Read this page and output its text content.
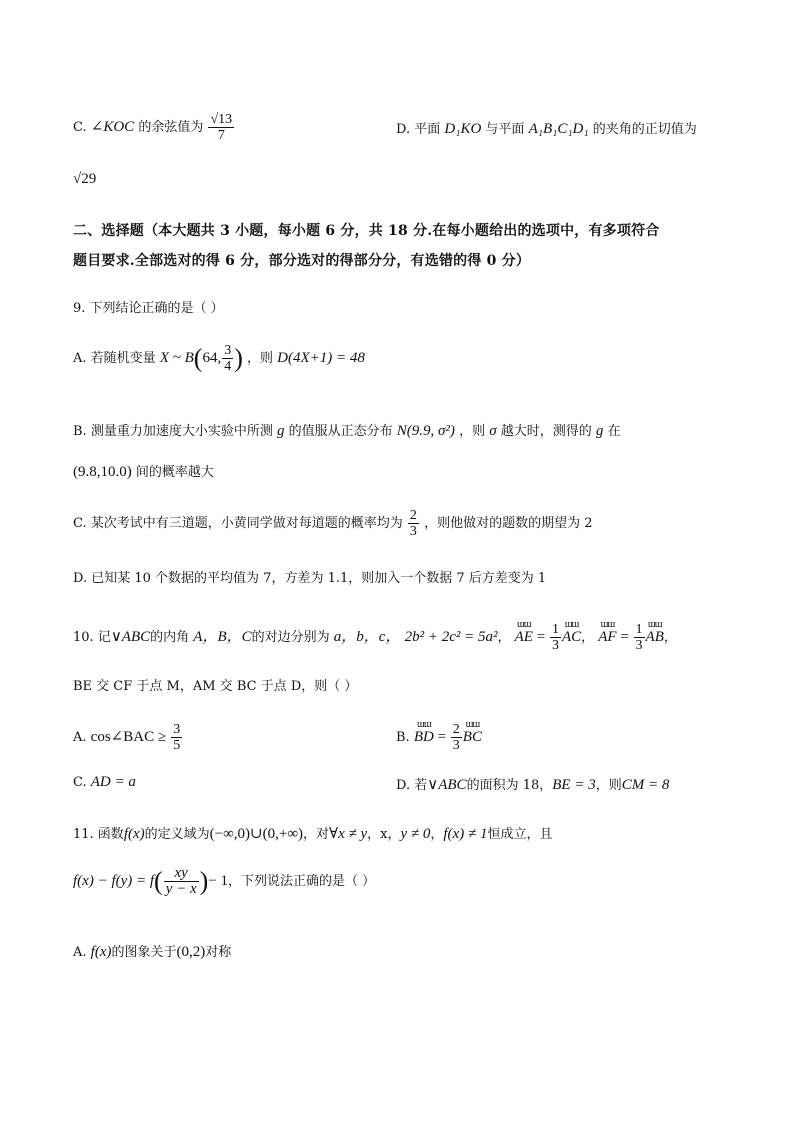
C. ∠KOC 的余弦值为 $\frac{√13}{7}$	D. 平面 D₁KO 与平面 A₁B₁C₁D₁ 的夹角的正切值为
√29
二、选择题（本大题共 3 小题，每小题 6 分，共 18 分.在每小题给出的选项中，有多项符合
题目要求.全部选对的得 6 分，部分选对的得部分分，有选错的得 0 分）
9. 下列结论正确的是（ ）
A. 若随机变量 X ~ B(64, $\frac{3}{4}$ ) ，则 D(4X+1) = 48
B. 测量重力加速度大小实验中所测 g 的值服从正态分布 N(9.9, σ²) ，则 σ 越大时，测得的 g 在
(9.8,10.0) 间的概率越大
C. 某次考试中有三道题，小黄同学做对每道题的概率均为 $\frac{2}{3}$ ，则他做对的题数的期望为 2
D. 已知某 10 个数据的平均值为 7，方差为 1.1，则加入一个数据 7 后方差变为 1
10. 记∨ABC的内角 A，B，C的对边分别为 a，b，c， 2b² + 2c² = 5a²，
ɯɯ
AE = $\frac{1}{3}$ ɯɯ
AC，
ɯɯ
AF = $\frac{1}{3}$ ɯɯ
AB，
BE 交 CF 于点 M，AM 交 BC 于点 D，则（ ）
A. cos∠BAC ≥ $\frac{3}{5}$	B.
ɯɯ
BD = $\frac{2}{3}$ ɯɯ
BC
C. AD = a	D. 若∨ABC的面积为 18，BE = 3，则CM = 8
11. 函数f(x)的定义域为(−∞,0)∪(0,+∞)，对∀x ≠ y，x，y ≠ 0，f(x) ≠ 1恒成立，且
$f(x) - f(y) = f( \frac{xy}{y - x}$ )− 1，下列说法正确的是（ ）
A. f(x)的图象关于(0,2)对称
